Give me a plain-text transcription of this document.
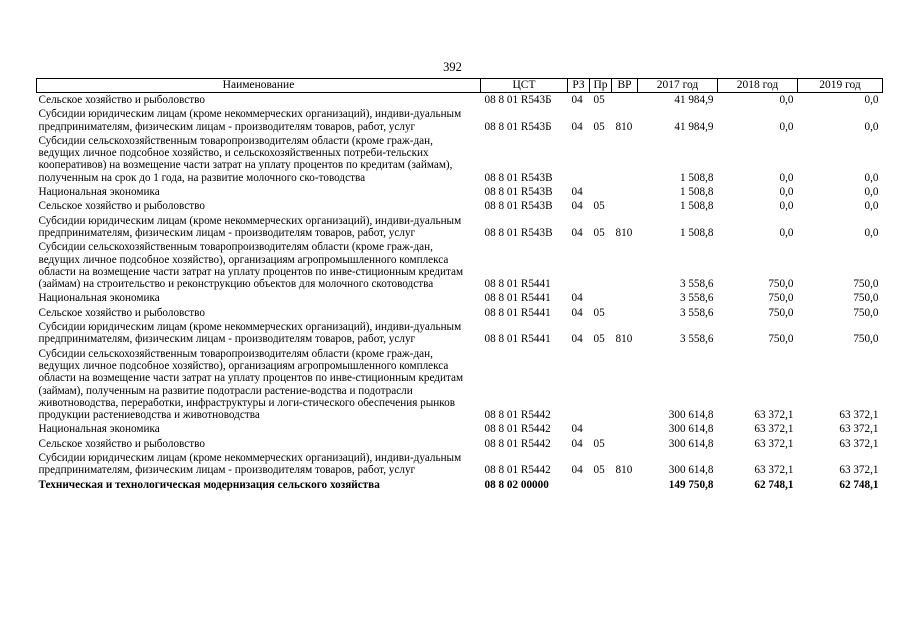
392
Наименование	ЦСТ	РЗ	Пр	ВР	2017 год	2018 год	2019 год
Сельское хозяйство и рыболовство	08 8 01 R543Б	04	05		41 984,9	0,0	0,0
Субсидии юридическим лицам (кроме некоммерческих организаций), индиви-дуальным предпринимателям, физическим лицам - производителям товаров, работ, услуг	08 8 01 R543Б	04	05	810	41 984,9	0,0	0,0
Субсидии сельскохозяйственным товаропроизводителям области (кроме граж-дан, ведущих личное подсобное хозяйство, и сельскохозяйственных потреби-тельских кооперативов) на возмещение части затрат на уплату процентов по кредитам (займам), полученным на срок до 1 года, на развитие молочного ско-товодства	08 8 01 R543В				1 508,8	0,0	0,0
Национальная экономика	08 8 01 R543В	04			1 508,8	0,0	0,0
Сельское хозяйство и рыболовство	08 8 01 R543В	04	05		1 508,8	0,0	0,0
Субсидии юридическим лицам (кроме некоммерческих организаций), индиви-дуальным предпринимателям, физическим лицам - производителям товаров, работ, услуг	08 8 01 R543В	04	05	810	1 508,8	0,0	0,0
Субсидии сельскохозяйственным товаропроизводителям области (кроме граж-дан, ведущих личное подсобное хозяйство), организациям агропромышленного комплекса области на возмещение части затрат на уплату процентов по инве-стиционным кредитам (займам) на строительство и реконструкцию объектов для молочного скотоводства	08 8 01 R5441				3 558,6	750,0	750,0
Национальная экономика	08 8 01 R5441	04			3 558,6	750,0	750,0
Сельское хозяйство и рыболовство	08 8 01 R5441	04	05		3 558,6	750,0	750,0
Субсидии юридическим лицам (кроме некоммерческих организаций), индиви-дуальным предпринимателям, физическим лицам - производителям товаров, работ, услуг	08 8 01 R5441	04	05	810	3 558,6	750,0	750,0
Субсидии сельскохозяйственным товаропроизводителям области (кроме граж-дан, ведущих личное подсобное хозяйство), организациям агропромышленного комплекса области на возмещение части затрат на уплату процентов по инве-стиционным кредитам (займам), полученным на развитие подотрасли растение-водства и подотрасли животноводства, переработки, инфраструктуры и логи-стического обеспечения рынков продукции растениеводства и животноводства	08 8 01 R5442				300 614,8	63 372,1	63 372,1
Национальная экономика	08 8 01 R5442	04			300 614,8	63 372,1	63 372,1
Сельское хозяйство и рыболовство	08 8 01 R5442	04	05		300 614,8	63 372,1	63 372,1
Субсидии юридическим лицам (кроме некоммерческих организаций), индиви-дуальным предпринимателям, физическим лицам - производителям товаров, работ, услуг	08 8 01 R5442	04	05	810	300 614,8	63 372,1	63 372,1
Техническая и технологическая модернизация сельского хозяйства	08 8 02 00000				149 750,8	62 748,1	62 748,1
